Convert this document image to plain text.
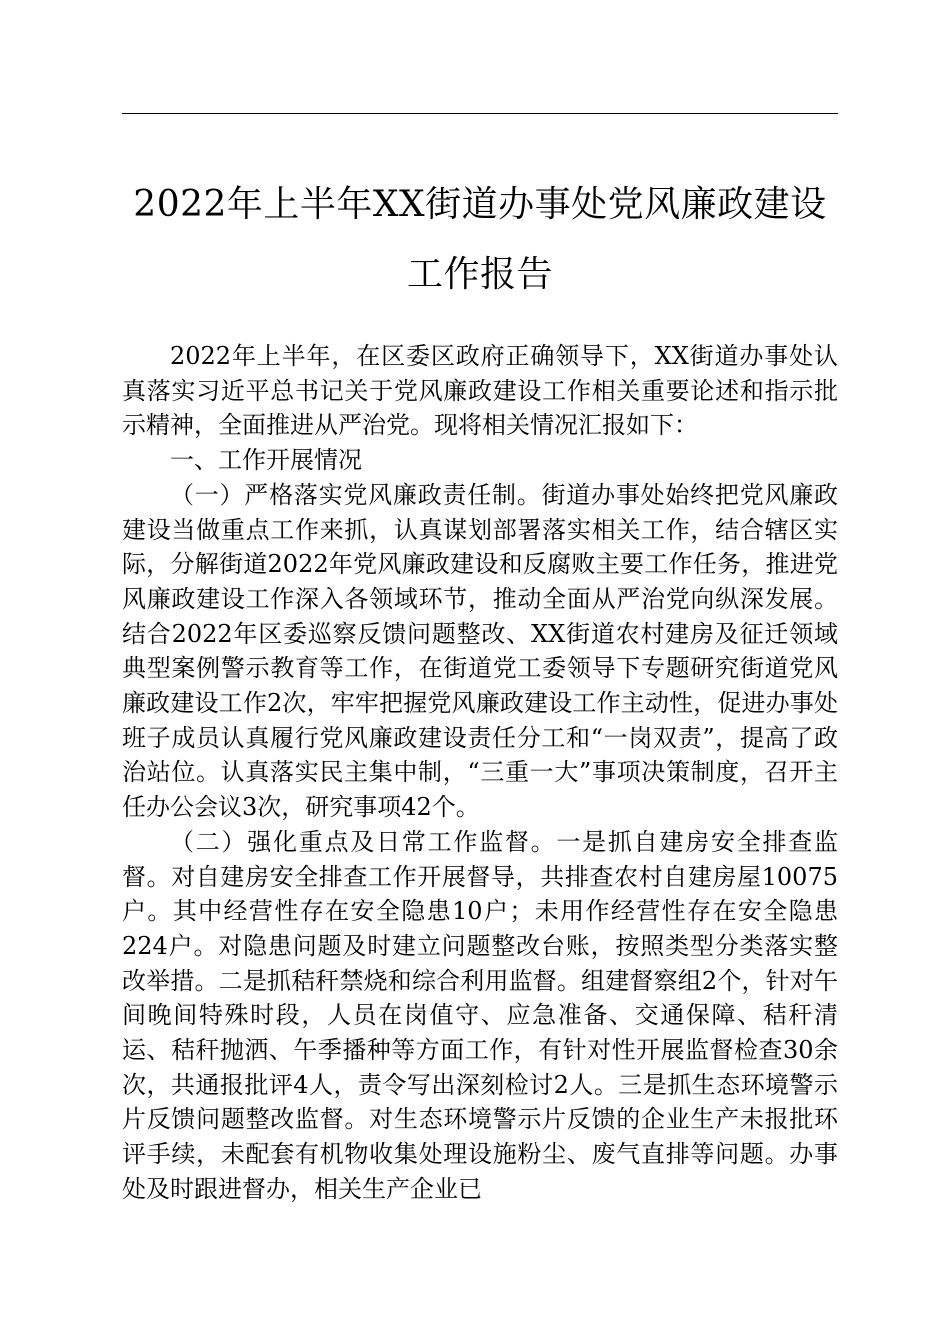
2022年上半年XX街道办事处党风廉政建设工作报告

2022年上半年，在区委区政府正确领导下，XX街道办事处认真落实习近平总书记关于党风廉政建设工作相关重要论述和指示批示精神，全面推进从严治党。现将相关情况汇报如下：

一、工作开展情况

（一）严格落实党风廉政责任制。街道办事处始终把党风廉政建设当做重点工作来抓，认真谋划部署落实相关工作，结合辖区实际，分解街道2022年党风廉政建设和反腐败主要工作任务，推进党风廉政建设工作深入各领域环节，推动全面从严治党向纵深发展。结合2022年区委巡察反馈问题整改、XX街道农村建房及征迁领域典型案例警示教育等工作，在街道党工委领导下专题研究街道党风廉政建设工作2次，牢牢把握党风廉政建设工作主动性，促进办事处班子成员认真履行党风廉政建设责任分工和“一岗双责”，提高了政治站位。认真落实民主集中制，“三重一大”事项决策制度，召开主任办公会议3次，研究事项42个。

（二）强化重点及日常工作监督。一是抓自建房安全排查监督。对自建房安全排查工作开展督导，共排查农村自建房屋10075户。其中经营性存在安全隐患10户；未用作经营性存在安全隐患224户。对隐患问题及时建立问题整改台账，按照类型分类落实整改举措。二是抓秸秆禁烧和综合利用监督。组建督察组2个，针对午间晚间特殊时段，人员在岗值守、应急准备、交通保障、秸秆清运、秸秆抛洒、午季播种等方面工作，有针对性开展监督检查30余次，共通报批评4人，责令写出深刻检讨2人。三是抓生态环境警示片反馈问题整改监督。对生态环境警示片反馈的企业生产未报批环评手续，未配套有机物收集处理设施粉尘、废气直排等问题。办事处及时跟进督办，相关生产企业已
